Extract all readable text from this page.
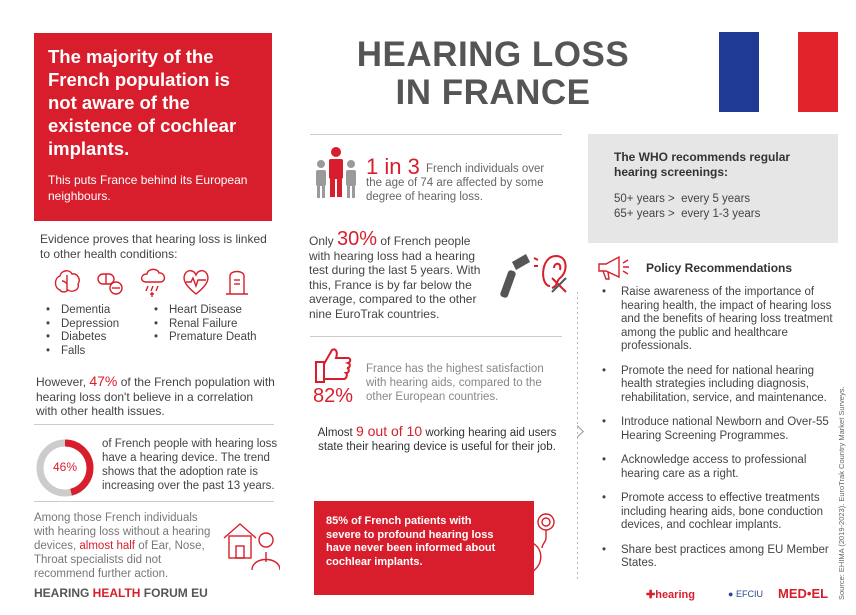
The majority of the French population is not aware of the existence of cochlear implants.
This puts France behind its European neighbours.
HEARING LOSS
IN FRANCE
Evidence proves that hearing loss is linked to other health conditions:
• Dementia
• Depression
• Diabetes
• Falls
• Heart Disease
• Renal Failure
• Premature Death
However, 47% of the French population with hearing loss don't believe in a correlation with other health issues.
46%
of French people with hearing loss have a hearing device. The trend shows that the adoption rate is increasing over the past 13 years.
Among those French individuals with hearing loss without a hearing devices, almost half of Ear, Nose, Throat specialists did not recommend further action.
HEARING HEALTH FORUM EU
1 in 3 French individuals over the age of 74 are affected by some degree of hearing loss.
Only 30% of French people with hearing loss had a hearing test during the last 5 years. With this, France is by far below the average, compared to the other nine EuroTrak countries.
82%
France has the highest satisfaction with hearing aids, compared to the other European countries.
Almost 9 out of 10 working hearing aid users state their hearing device is useful for their job.
85% of French patients with severe to profound hearing loss have never been informed about cochlear implants.
The WHO recommends regular hearing screenings:
50+ years > every 5 years
65+ years > every 1-3 years
Policy Recommendations
• Raise awareness of the importance of hearing health, the impact of hearing loss and the benefits of hearing loss treatment among the public and healthcare professionals.
• Promote the need for national hearing health strategies including diagnosis, rehabilitation, service, and maintenance.
• Introduce national Newborn and Over-55 Hearing Screening Programmes.
• Acknowledge access to professional hearing care as a right.
• Promote access to effective treatments including hearing aids, bone conduction devices, and cochlear implants.
• Share best practices among EU Member States.	Source: EHIMA (2019-2023). EuroTrak Country Market Surveys.
✚hearing	● EFCIU MED•EL
